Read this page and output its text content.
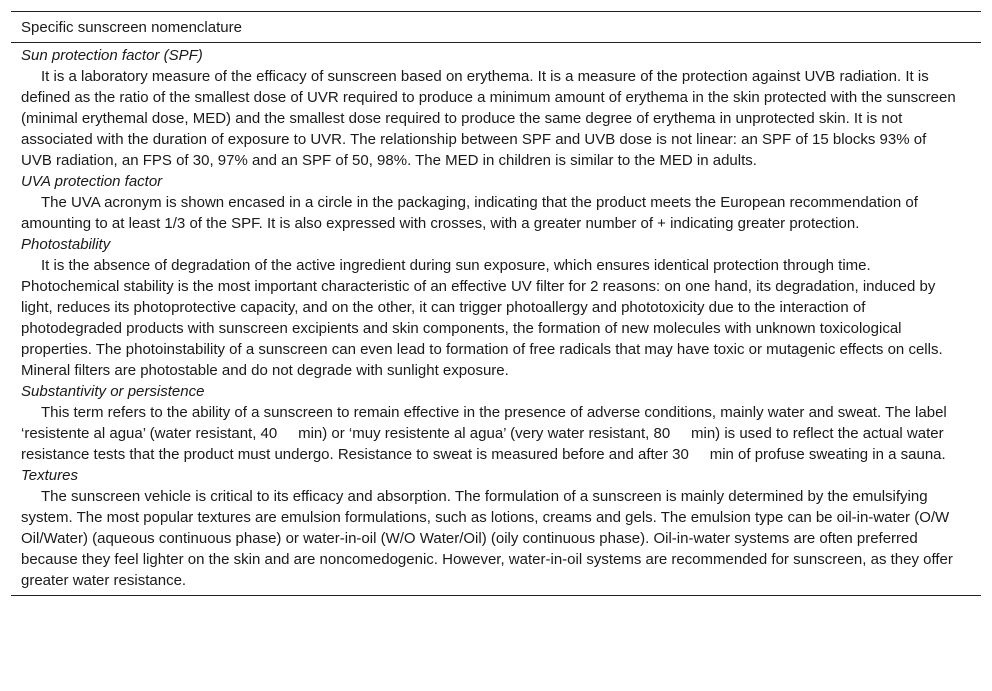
Specific sunscreen nomenclature

Sun protection factor (SPF)

It is a laboratory measure of the efficacy of sunscreen based on erythema. It is a measure of the protection against UVB radiation. It is defined as the ratio of the smallest dose of UVR required to produce a minimum amount of erythema in the skin protected with the sunscreen (minimal erythemal dose, MED) and the smallest dose required to produce the same degree of erythema in unprotected skin. It is not associated with the duration of exposure to UVR. The relationship between SPF and UVB dose is not linear: an SPF of 15 blocks 93% of UVB radiation, an FPS of 30, 97% and an SPF of 50, 98%. The MED in children is similar to the MED in adults.

UVA protection factor

The UVA acronym is shown encased in a circle in the packaging, indicating that the product meets the European recommendation of amounting to at least 1/3 of the SPF. It is also expressed with crosses, with a greater number of + indicating greater protection.

Photostability

It is the absence of degradation of the active ingredient during sun exposure, which ensures identical protection through time. Photochemical stability is the most important characteristic of an effective UV filter for 2 reasons: on one hand, its degradation, induced by light, reduces its photoprotective capacity, and on the other, it can trigger photoallergy and phototoxicity due to the interaction of photodegraded products with sunscreen excipients and skin components, the formation of new molecules with unknown toxicological properties. The photoinstability of a sunscreen can even lead to formation of free radicals that may have toxic or mutagenic effects on cells. Mineral filters are photostable and do not degrade with sunlight exposure.

Substantivity or persistence

This term refers to the ability of a sunscreen to remain effective in the presence of adverse conditions, mainly water and sweat. The label ‘resistente al agua’ (water resistant, 40     min) or ‘muy resistente al agua’ (very water resistant, 80     min) is used to reflect the actual water resistance tests that the product must undergo. Resistance to sweat is measured before and after 30     min of profuse sweating in a sauna.

Textures

The sunscreen vehicle is critical to its efficacy and absorption. The formulation of a sunscreen is mainly determined by the emulsifying system. The most popular textures are emulsion formulations, such as lotions, creams and gels. The emulsion type can be oil-in-water (O/W Oil/Water) (aqueous continuous phase) or water-in-oil (W/O Water/Oil) (oily continuous phase). Oil-in-water systems are often preferred because they feel lighter on the skin and are noncomedogenic. However, water-in-oil systems are recommended for sunscreen, as they offer greater water resistance.
